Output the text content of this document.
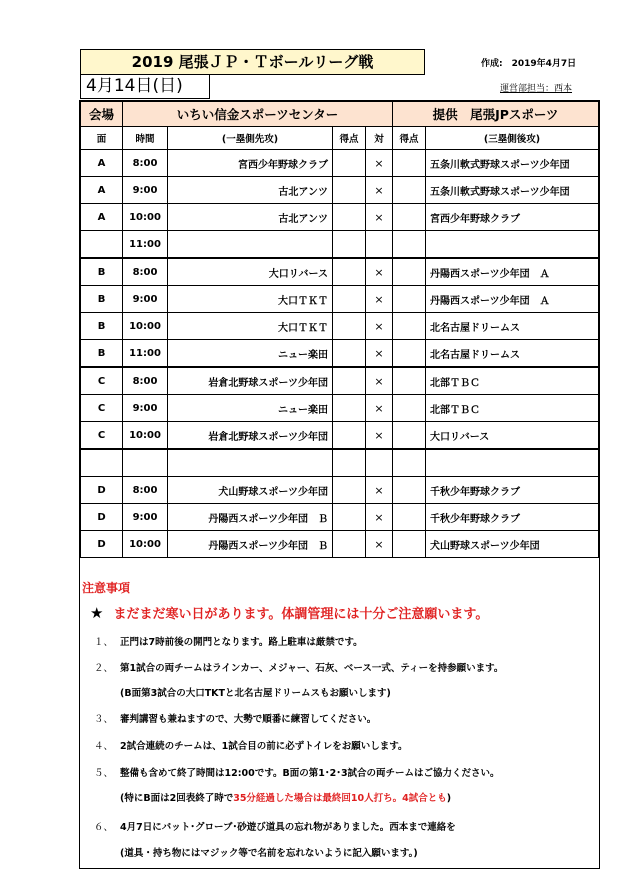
2019 尾張ＪＰ・Ｔボールリーグ戦
4月14日(日)
作成:　2019年4月7日
運営部担当：西本
会場	いちい信金スポーツセンター				提供　尾張JPスポーツ	
面	時間	(一塁側先攻)	得点	対	得点	(三塁側後攻)
A	8:00	宮西少年野球クラブ		×		五条川軟式野球スポーツ少年団
A	9:00	古北アンツ		×		五条川軟式野球スポーツ少年団
A	10:00	古北アンツ		×		宮西少年野球クラブ
	11:00					
B	8:00	大口リバース		×		丹陽西スポーツ少年団　Ａ
B	9:00	大口ＴＫＴ		×		丹陽西スポーツ少年団　Ａ
B	10:00	大口ＴＫＴ		×		北名古屋ドリームス
B	11:00	ニュー楽田		×		北名古屋ドリームス
C	8:00	岩倉北野球スポーツ少年団		×		北部ＴＢＣ
C	9:00	ニュー楽田		×		北部ＴＢＣ
C	10:00	岩倉北野球スポーツ少年団		×		大口リバース

D	8:00	犬山野球スポーツ少年団		×		千秋少年野球クラブ
D	9:00	丹陽西スポーツ少年団　Ｂ		×		千秋少年野球クラブ
D	10:00	丹陽西スポーツ少年団　Ｂ		×		犬山野球スポーツ少年団
注意事項
★ まだまだ寒い日があります。体調管理には十分ご注意願います。
１、 正門は7時前後の開門となります。路上駐車は厳禁です。
２、 第1試合の両チームはラインカー、メジャー、石灰、ベース一式、ティーを持参願います。
(B面第3試合の大口TKTと北名古屋ドリームスもお願いします)
３、 審判講習も兼ねますので、大勢で順番に練習してください。
４、 2試合連続のチームは、1試合目の前に必ずトイレをお願いします。
５、 整備も含めて終了時間は12:00です。B面の第1･2･3試合の両チームはご協力ください。
(特にB面は2回表終了時で35分経過した場合は最終回10人打ち。4試合とも)
６、 4月7日にバット･グローブ･砂遊び道具の忘れ物がありました。西本まで連絡を
(道具・持ち物にはマジック等で名前を忘れないように記入願います。)
